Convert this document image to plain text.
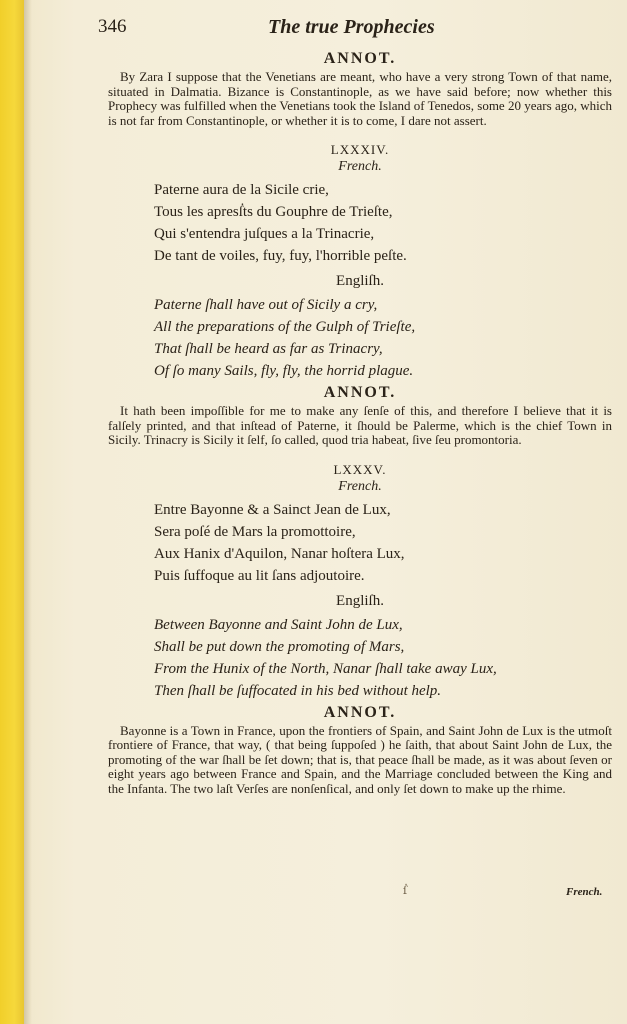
346	The true Prophecies
ANNOT.

By Zara I suppose that the Venetians are meant, who have a very strong Town of that name, situated in Dalmatia. Bizance is Constantinople, as we have said before; now whether this Prophecy was fulfilled when the Venetians took the Island of Tenedos, some 20 years ago, which is not far from Constantinople, or whether it is to come, I dare not assert.

LXXXIV.
French.

Paterne aura de la Sicile crie,
Tous les apresẛts du Gouphre de Trieſte,
Qui s'entendra juſques a la Trinacrie,
De tant de voiles, fuy, fuy, l'horrible peſte.

Engliſh.

Paterne ſhall have out of Sicily a cry,
All the preparations of the Gulph of Trieſte,
That ſhall be heard as far as Trinacry,
Of ſo many Sails, fly, fly, the horrid plague.

ANNOT.

It hath been impoſſible for me to make any ſenſe of this, and therefore I believe that it is falſely printed, and that inſtead of Paterne, it ſhould be Palerme, which is the chief Town in Sicily. Trinacry is Sicily it ſelf, ſo called, quod tria habeat, ſive ſeu promontoria.

LXXXV.
French.

Entre Bayonne & a Sainct Jean de Lux,
Sera poſé de Mars la promottoire,
Aux Hanix d'Aquilon, Nanar hoſtera Lux,
Puis ſuffoque au lit ſans adjoutoire.

Engliſh.

Between Bayonne and Saint John de Lux,
Shall be put down the promoting of Mars,
From the Hunix of the North, Nanar ſhall take away Lux,
Then ſhall be ſuffocated in his bed without help.

ANNOT.

Bayonne is a Town in France, upon the frontiers of Spain, and Saint John de Lux is the utmoſt frontiere of France, that way, ( that being ſuppoſed ) he ſaith, that about Saint John de Lux, the promoting of the war ſhall be ſet down; that is, that peace ſhall be made, as it was about ſeven or eight years ago between France and Spain, and the Marriage concluded between the King and the Infanta. The two laſt Verſes are nonſenſical, and only ſet down to make up the rhime.

ẛ	French.
